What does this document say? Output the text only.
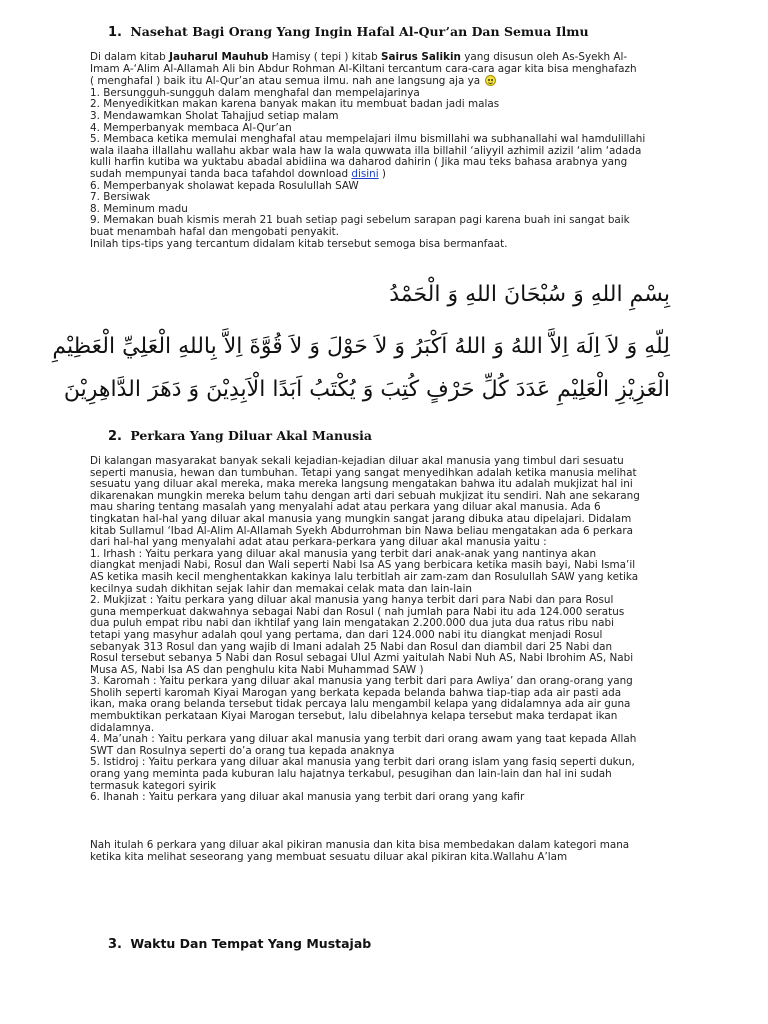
1. Nasehat Bagi Orang Yang Ingin Hafal Al-Qur’an Dan Semua Ilmu
Di dalam kitab Jauharul Mauhub Hamisy ( tepi ) kitab Sairus Salikin yang disusun oleh As-Syekh Al-
Imam A-‘Alim Al-Allamah Ali bin Abdur Rohman Al-Kiltani tercantum cara-cara agar kita bisa menghafazh
( menghafal ) baik itu Al-Qur’an atau semua ilmu. nah ane langsung aja ya
1. Bersungguh-sungguh dalam menghafal dan mempelajarinya
2. Menyedikitkan makan karena banyak makan itu membuat badan jadi malas
3. Mendawamkan Sholat Tahajjud setiap malam
4. Memperbanyak membaca Al-Qur’an
5. Membaca ketika memulai menghafal atau mempelajari ilmu bismillahi wa subhanallahi wal hamdulillahi
wala ilaaha illallahu wallahu akbar wala haw la wala quwwata illa billahil ‘aliyyil azhimil azizil ‘alim ‘adada
kulli harfin kutiba wa yuktabu abadal abidiina wa daharod dahirin ( Jika mau teks bahasa arabnya yang
sudah mempunyai tanda baca tafahdol download disini )
6. Memperbanyak sholawat kepada Rosulullah SAW
7. Bersiwak
8. Meminum madu
9. Memakan buah kismis merah 21 buah setiap pagi sebelum sarapan pagi karena buah ini sangat baik
buat menambah hafal dan mengobati penyakit.
Inilah tips-tips yang tercantum didalam kitab tersebut semoga bisa bermanfaat.
بِسْمِ اللهِ وَ سُبْحَانَ اللهِ وَ الْحَمْدُ
لِلّهِ وَ لاَ اِلَهَ اِلاَّ اللهُ وَ اللهُ اَكْبَرُ وَ لاَ حَوْلَ وَ لاَ قُوَّةَ اِلاَّ بِاللهِ الْعَلِيِّ الْعَظِيْمِ
الْعَزِيْزِ الْعَلِيْمِ عَدَدَ كُلِّ حَرْفٍ كُتِبَ وَ يُكْتَبُ اَبَدًا الْاَبِدِيْنَ وَ دَهَرَ الدَّاهِرِيْنَ
2. Perkara Yang Diluar Akal Manusia
Di kalangan masyarakat banyak sekali kejadian-kejadian diluar akal manusia yang timbul dari sesuatu
seperti manusia, hewan dan tumbuhan. Tetapi yang sangat menyedihkan adalah ketika manusia melihat
sesuatu yang diluar akal mereka, maka mereka langsung mengatakan bahwa itu adalah mukjizat hal ini
dikarenakan mungkin mereka belum tahu dengan arti dari sebuah mukjizat itu sendiri. Nah ane sekarang
mau sharing tentang masalah yang menyalahi adat atau perkara yang diluar akal manusia. Ada 6
tingkatan hal-hal yang diluar akal manusia yang mungkin sangat jarang dibuka atau dipelajari. Didalam
kitab Sullamul ‘Ibad Al-Alim Al-Allamah Syekh Abdurrohman bin Nawa beliau mengatakan ada 6 perkara
dari hal-hal yang menyalahi adat atau perkara-perkara yang diluar akal manusia yaitu :
1. Irhash : Yaitu perkara yang diluar akal manusia yang terbit dari anak-anak yang nantinya akan
diangkat menjadi Nabi, Rosul dan Wali seperti Nabi Isa AS yang berbicara ketika masih bayi, Nabi Isma’il
AS ketika masih kecil menghentakkan kakinya lalu terbitlah air zam-zam dan Rosulullah SAW yang ketika
kecilnya sudah dikhitan sejak lahir dan memakai celak mata dan lain-lain
2. Mukjizat : Yaitu perkara yang diluar akal manusia yang hanya terbit dari para Nabi dan para Rosul
guna memperkuat dakwahnya sebagai Nabi dan Rosul ( nah jumlah para Nabi itu ada 124.000 seratus
dua puluh empat ribu nabi dan ikhtilaf yang lain mengatakan 2.200.000 dua juta dua ratus ribu nabi
tetapi yang masyhur adalah qoul yang pertama, dan dari 124.000 nabi itu diangkat menjadi Rosul
sebanyak 313 Rosul dan yang wajib di Imani adalah 25 Nabi dan Rosul dan diambil dari 25 Nabi dan
Rosul tersebut sebanya 5 Nabi dan Rosul sebagai Ulul Azmi yaitulah Nabi Nuh AS, Nabi Ibrohim AS, Nabi
Musa AS, Nabi Isa AS dan penghulu kita Nabi Muhammad SAW )
3. Karomah : Yaitu perkara yang diluar akal manusia yang terbit dari para Awliya’ dan orang-orang yang
Sholih seperti karomah Kiyai Marogan yang berkata kepada belanda bahwa tiap-tiap ada air pasti ada
ikan, maka orang belanda tersebut tidak percaya lalu mengambil kelapa yang didalamnya ada air guna
membuktikan perkataan Kiyai Marogan tersebut, lalu dibelahnya kelapa tersebut maka terdapat ikan
didalamnya.
4. Ma’unah : Yaitu perkara yang diluar akal manusia yang terbit dari orang awam yang taat kepada Allah
SWT dan Rosulnya seperti do’a orang tua kepada anaknya
5. Istidroj : Yaitu perkara yang diluar akal manusia yang terbit dari orang islam yang fasiq seperti dukun,
orang yang meminta pada kuburan lalu hajatnya terkabul, pesugihan dan lain-lain dan hal ini sudah
termasuk kategori syirik
6. Ihanah : Yaitu perkara yang diluar akal manusia yang terbit dari orang yang kafir
Nah itulah 6 perkara yang diluar akal pikiran manusia dan kita bisa membedakan dalam kategori mana
ketika kita melihat seseorang yang membuat sesuatu diluar akal pikiran kita.Wallahu A’lam
3. Waktu Dan Tempat Yang Mustajab
